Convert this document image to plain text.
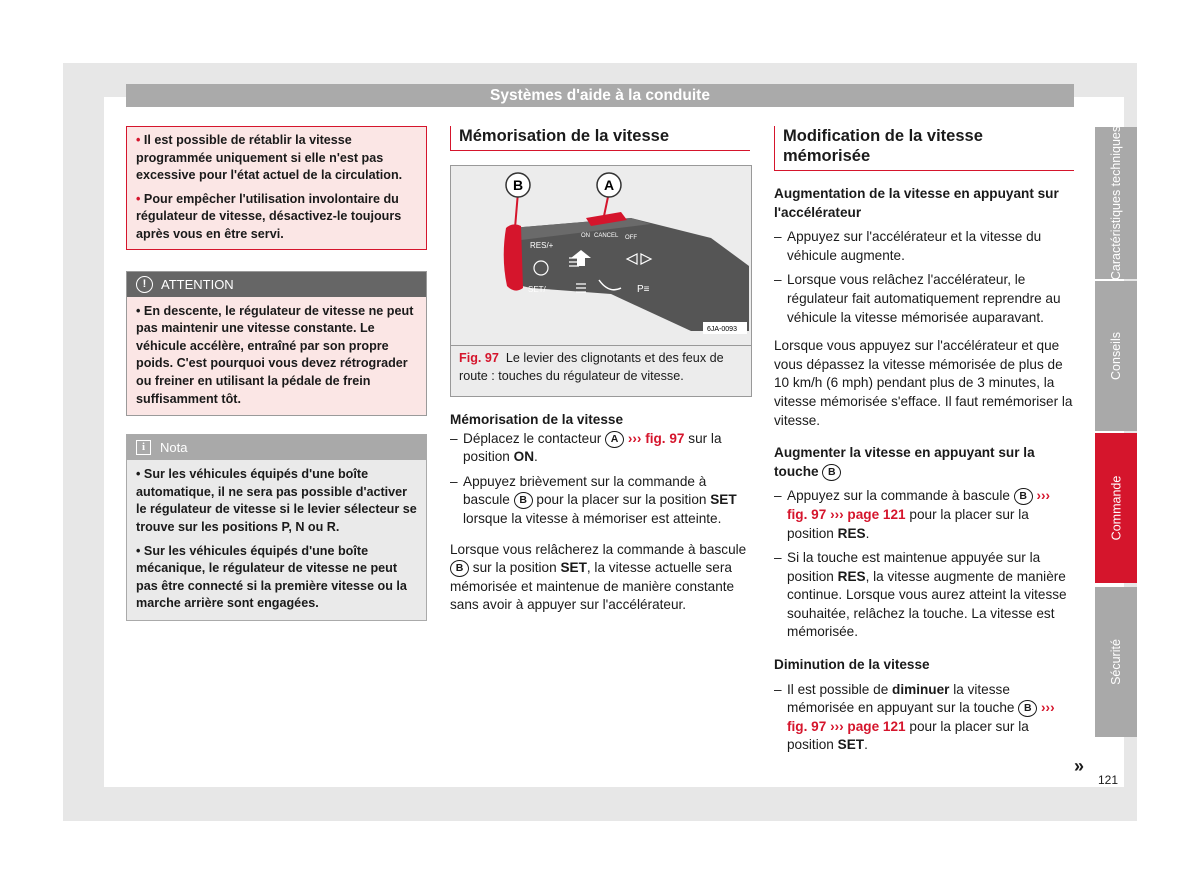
Systèmes d'aide à la conduite

• Il est possible de rétablir la vitesse programmée uniquement si elle n'est pas excessive pour l'état actuel de la circulation.

• Pour empêcher l'utilisation involontaire du régulateur de vitesse, désactivez-le toujours après vous en être servi.

!	ATTENTION
• En descente, le régulateur de vitesse ne peut pas maintenir une vitesse constante. Le véhicule accélère, entraîné par son propre poids. C'est pourquoi vous devez rétrograder ou freiner en utilisant la pédale de frein suffisamment tôt.
i	Nota

• Sur les véhicules équipés d'une boîte automatique, il ne sera pas possible d'activer le régulateur de vitesse si le levier sélecteur se trouve sur les positions P, N ou R.

• Sur les véhicules équipés d'une boîte mécanique, le régulateur de vitesse ne peut pas être connecté si la première vitesse ou la marche arrière sont engagées.

Mémorisation de la vitesse
B	A
RES/+
SET/–
ON CANCEL OFF
P≡
6JA-0093
Fig. 97 Le levier des clignotants et des feux de route : touches du régulateur de vitesse.

Mémorisation de la vitesse

– Déplacez le contacteur A ››› fig. 97 sur la position ON.

– Appuyez brièvement sur la commande à bascule B pour la placer sur la position SET lorsque la vitesse à mémoriser est atteinte.

Lorsque vous relâcherez la commande à bascule B sur la position SET, la vitesse actuelle sera mémorisée et maintenue de manière constante sans avoir à appuyer sur l'accélérateur.

Modification de la vitesse mémorisée

Augmentation de la vitesse en appuyant sur l'accélérateur

– Appuyez sur l'accélérateur et la vitesse du véhicule augmente.

– Lorsque vous relâchez l'accélérateur, le régulateur fait automatiquement reprendre au véhicule la vitesse mémorisée auparavant.

Lorsque vous appuyez sur l'accélérateur et que vous dépassez la vitesse mémorisée de plus de 10 km/h (6 mph) pendant plus de 3 minutes, la vitesse mémorisée s'efface. Il faut remémoriser la vitesse.

Augmenter la vitesse en appuyant sur la touche B

– Appuyez sur la commande à bascule B ››› fig. 97 ››› page 121 pour la placer sur la position RES.

– Si la touche est maintenue appuyée sur la position RES, la vitesse augmente de manière continue. Lorsque vous aurez atteint la vitesse souhaitée, relâchez la touche. La vitesse est mémorisée.

Diminution de la vitesse

– Il est possible de diminuer la vitesse mémorisée en appuyant sur la touche B ››› fig. 97 ››› page 121 pour la placer sur la position SET.

»
Caractéristiques techniques
Conseils
Commande
Sécurité
121
